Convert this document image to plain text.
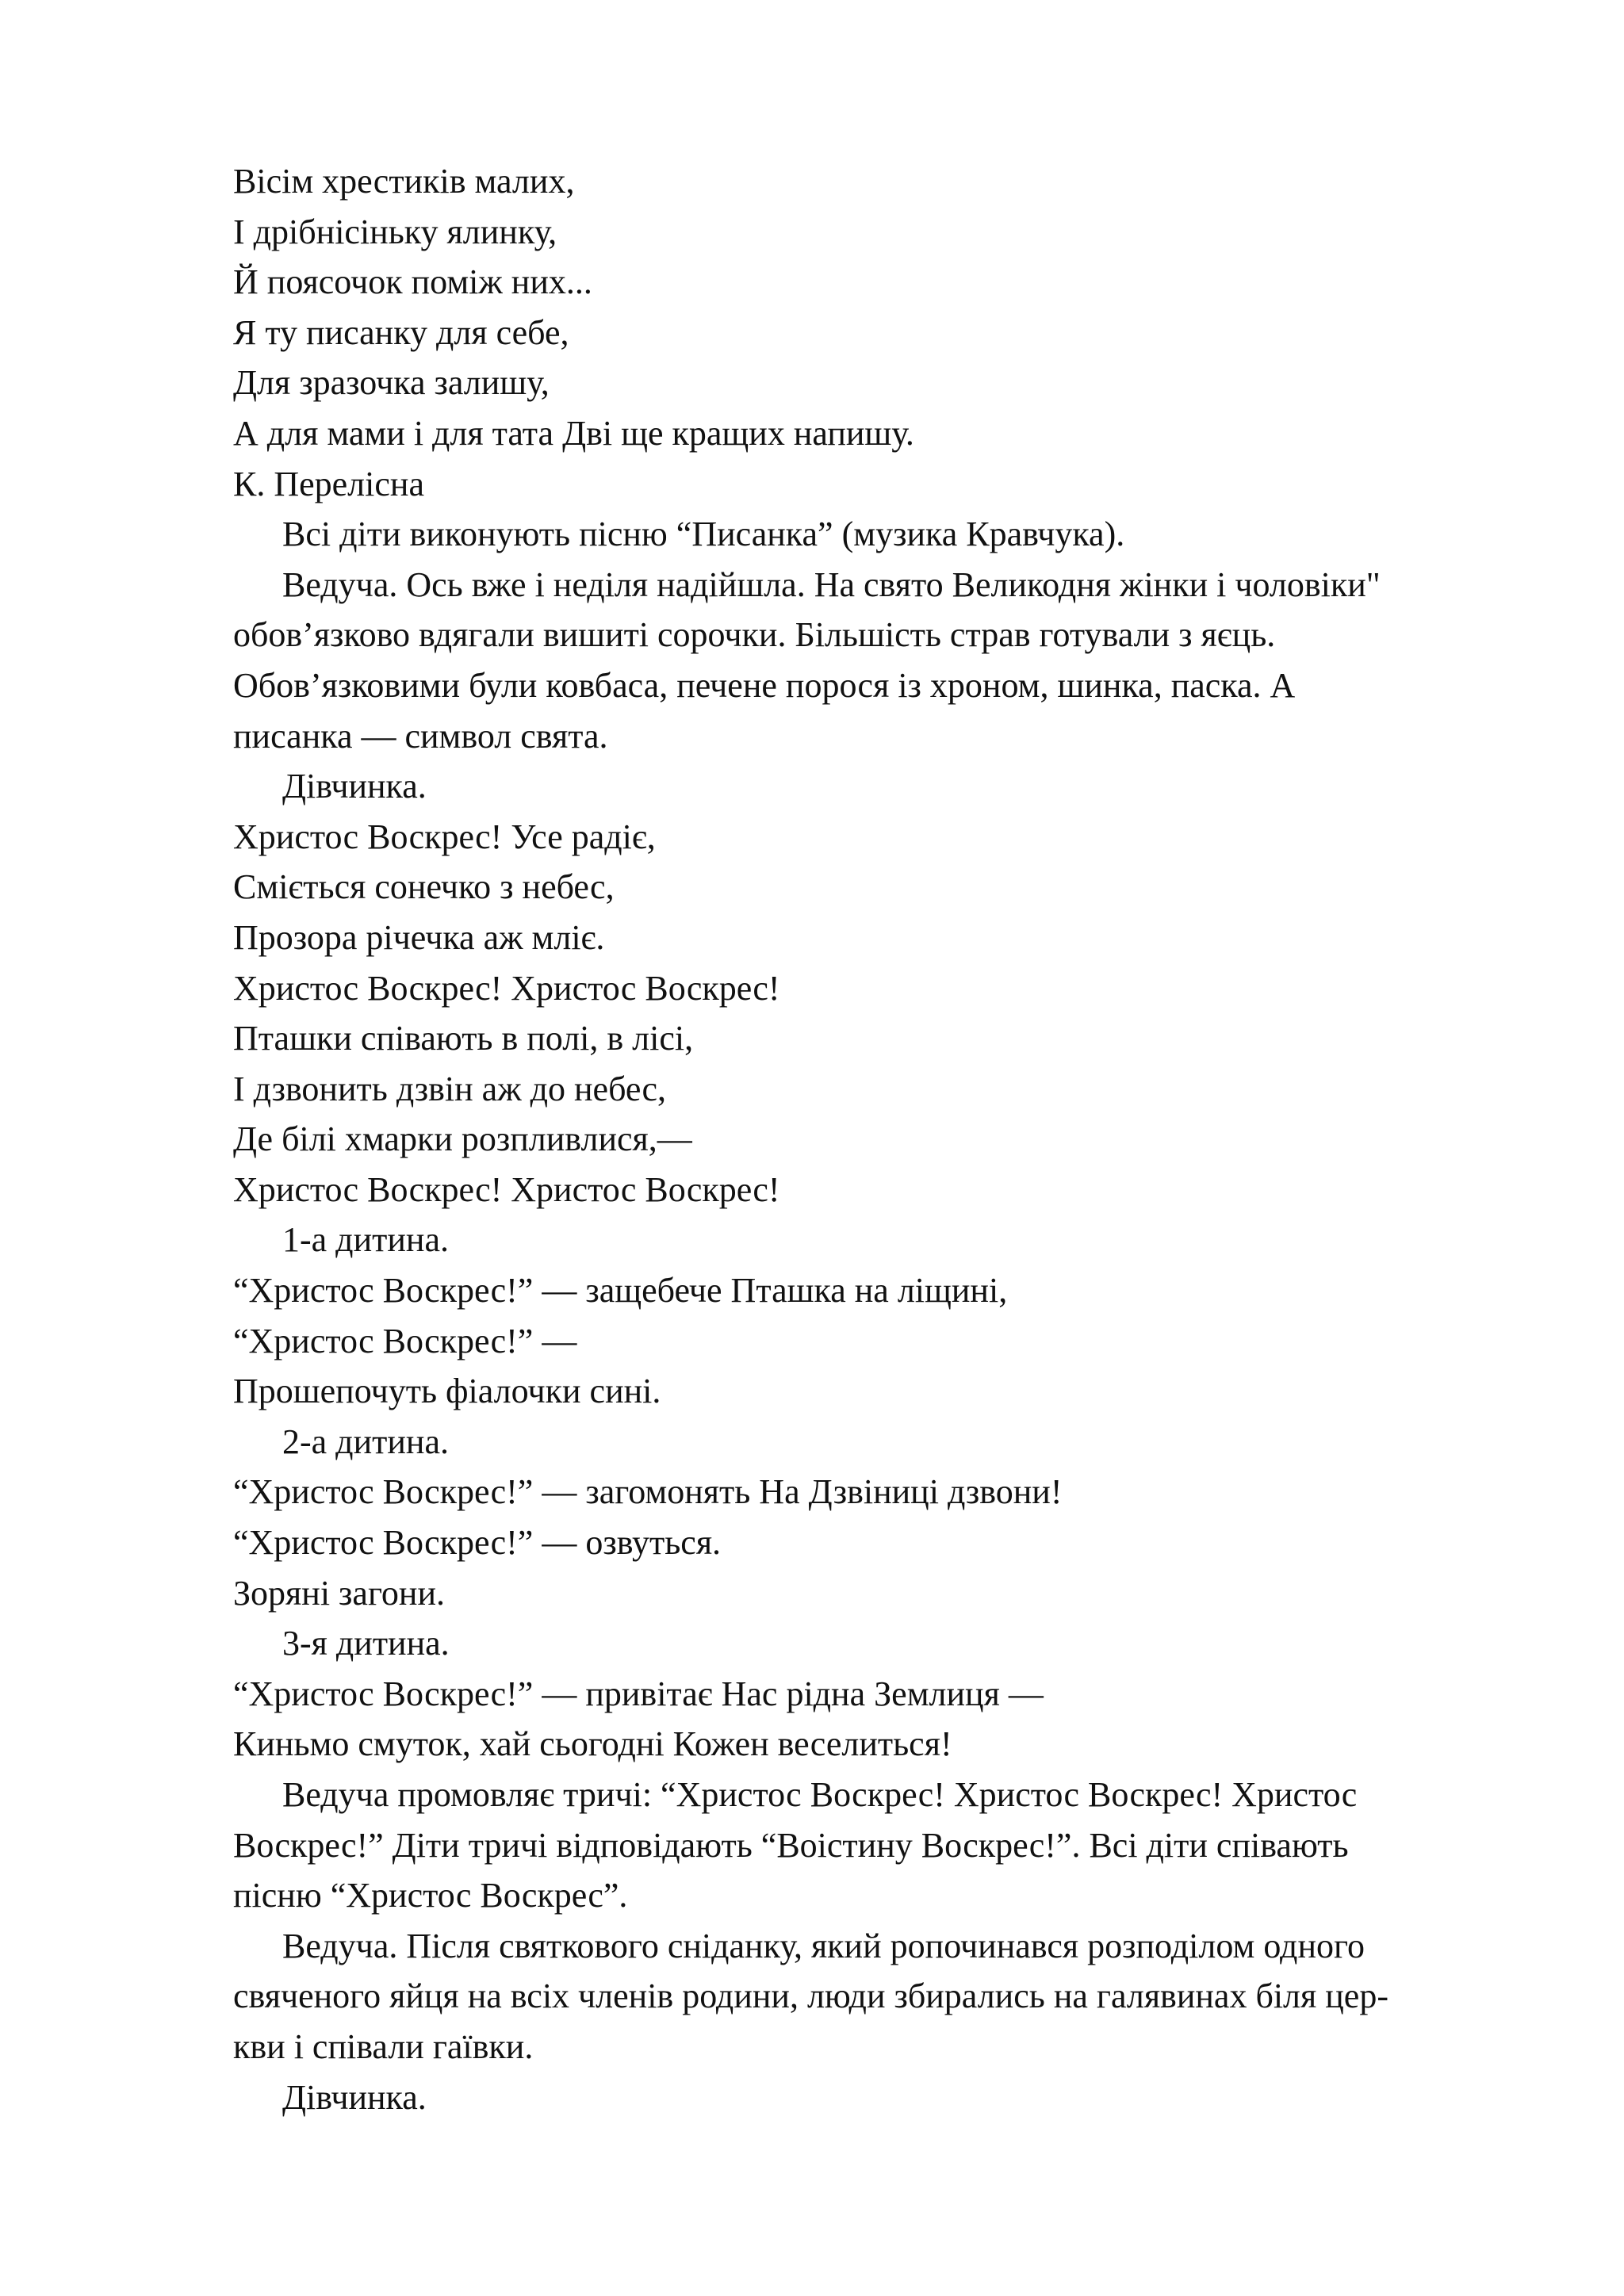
Вісім хрестиків малих,
І дрібнісіньку ялинку,
Й поясочок поміж них...
Я ту писанку для себе,
Для зразочка залишу,
А для мами і для тата Дві ще кращих напишу.
К. Перелісна
Всі діти виконують пісню “Писанка” (музика Кравчука).
Ведуча. Ось вже і неділя надійшла. На свято Великодня жінки і чоловіки"
обов’язково вдягали вишиті сорочки. Більшість страв готували з яєць.
Обов’язковими були ковбаса, печене порося із хроном, шинка, паска. А
писанка — символ свята.
Дівчинка.
Христос Воскрес! Усе радіє,
Сміється сонечко з небес,
Прозора річечка аж мліє.
Христос Воскрес! Христос Воскрес!
Пташки співають в полі, в лісі,
І дзвонить дзвін аж до небес,
Де білі хмарки розпливлися,—
Христос Воскрес! Христос Воскрес!
1-а дитина.
“Христос Воскрес!” — защебече Пташка на ліщині,
“Христос Воскрес!” —
Прошепочуть фіалочки сині.
2-а дитина.
“Христос Воскрес!” — загомонять На Дзвіниці дзвони!
“Христос Воскрес!” — озвуться.
Зоряні загони.
3-я дитина.
“Христос Воскрес!” — привітає Нас рідна Землиця —
Киньмо смуток, хай сьогодні Кожен веселиться!
Ведуча промовляє тричі: “Христос Воскрес! Христос Воскрес! Христос
Воскрес!” Діти тричі відповідають “Воістину Воскрес!”. Всі діти співають
пісню “Христос Воскрес”.
Ведуча. Після святкового сніданку, який ропочинався розподілом одного
свяченого яйця на всіх членів родини, люди збирались на галявинах біля цер-
кви і співали гаївки.
Дівчинка.
